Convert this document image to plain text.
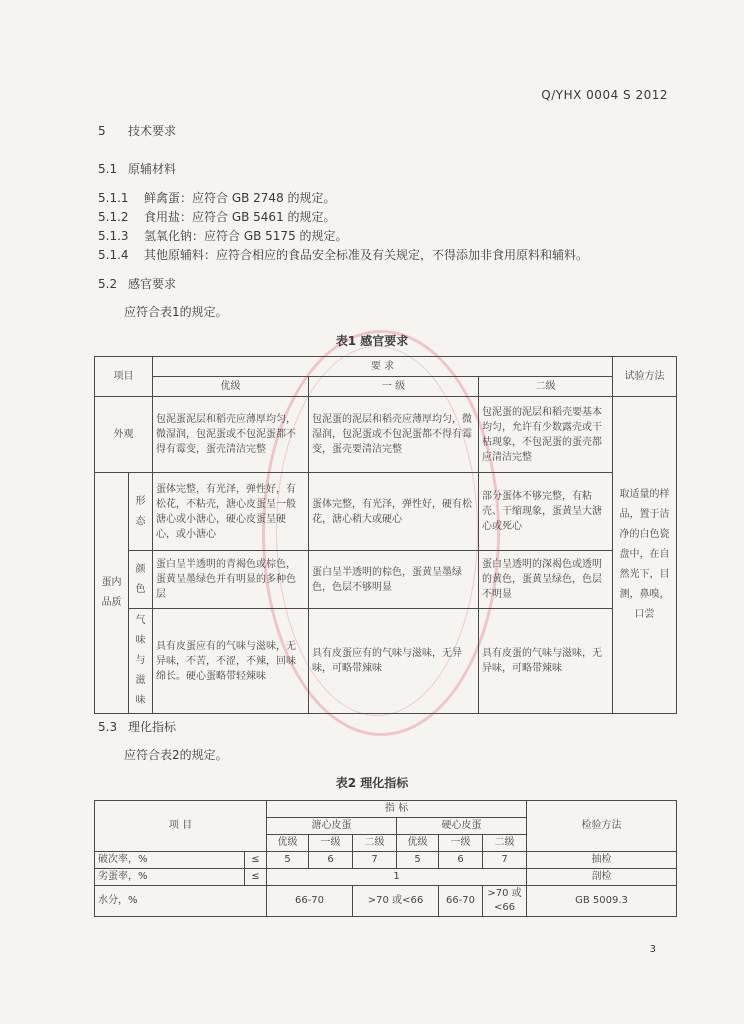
Q/YHX 0004 S 2012
5 技术要求
5.1 原辅材料
5.1.1 鲜禽蛋：应符合 GB 2748 的规定。
5.1.2 食用盐：应符合 GB 5461 的规定。
5.1.3 氢氧化钠：应符合 GB 5175 的规定。
5.1.4 其他原辅料：应符合相应的食品安全标准及有关规定，不得添加非食用原料和辅料。
5.2 感官要求
应符合表1的规定。
表1 感官要求
项目		要 求			试验方法
		优级	一 级	二级	
外观		包泥蛋泥层和稻壳应薄厚均匀，微湿润，包泥蛋或不包泥蛋都不得有霉变，蛋壳清洁完整	包泥蛋的泥层和稻壳应薄厚均匀，微湿润，包泥蛋或不包泥蛋都不得有霉变，蛋壳要清洁完整	包泥蛋的泥层和稻壳要基本均匀，允许有少数露壳或干枯现象，不包泥蛋的蛋壳都应清洁完整	取适量的样品，置于洁净的白色瓷盘中，在自然光下，目测，鼻嗅，口尝
蛋内品质	形态	蛋体完整，有光泽，弹性好，有松花，不粘壳，溏心皮蛋呈一般溏心或小溏心，硬心皮蛋呈硬心，或小溏心	蛋体完整，有光泽，弹性好，硬有松花，溏心稍大或硬心	部分蛋体不够完整，有粘壳、干缩现象，蛋黄呈大溏心或死心	
	颜色	蛋白呈半透明的青褐色或棕色，蛋黄呈墨绿色并有明显的多种色层	蛋白呈半透明的棕色，蛋黄呈墨绿色，色层不够明显	蛋白呈透明的深褐色或透明的黄色，蛋黄呈绿色，色层不明显	
	气味与滋味	具有皮蛋应有的气味与滋味，无异味，不苦，不涩，不辣，回味绵长。硬心蛋略带轻辣味	具有皮蛋应有的气味与滋味，无异味，可略带辣味	具有皮蛋的气味与滋味，无异味，可略带辣味	
5.3 理化指标
应符合表2的规定。
表2 理化指标
项 目		指 标						检验方法
		溏心皮蛋			硬心皮蛋			
		优级	一级	二级	优级	一级	二级	
破次率，%	≤	5	6	7	5	6	7	抽检
劣蛋率，%	≤	1						剖检
水分，%		66-70		>70 或<66		66-70	>70 或<66	GB 5009.3
3
